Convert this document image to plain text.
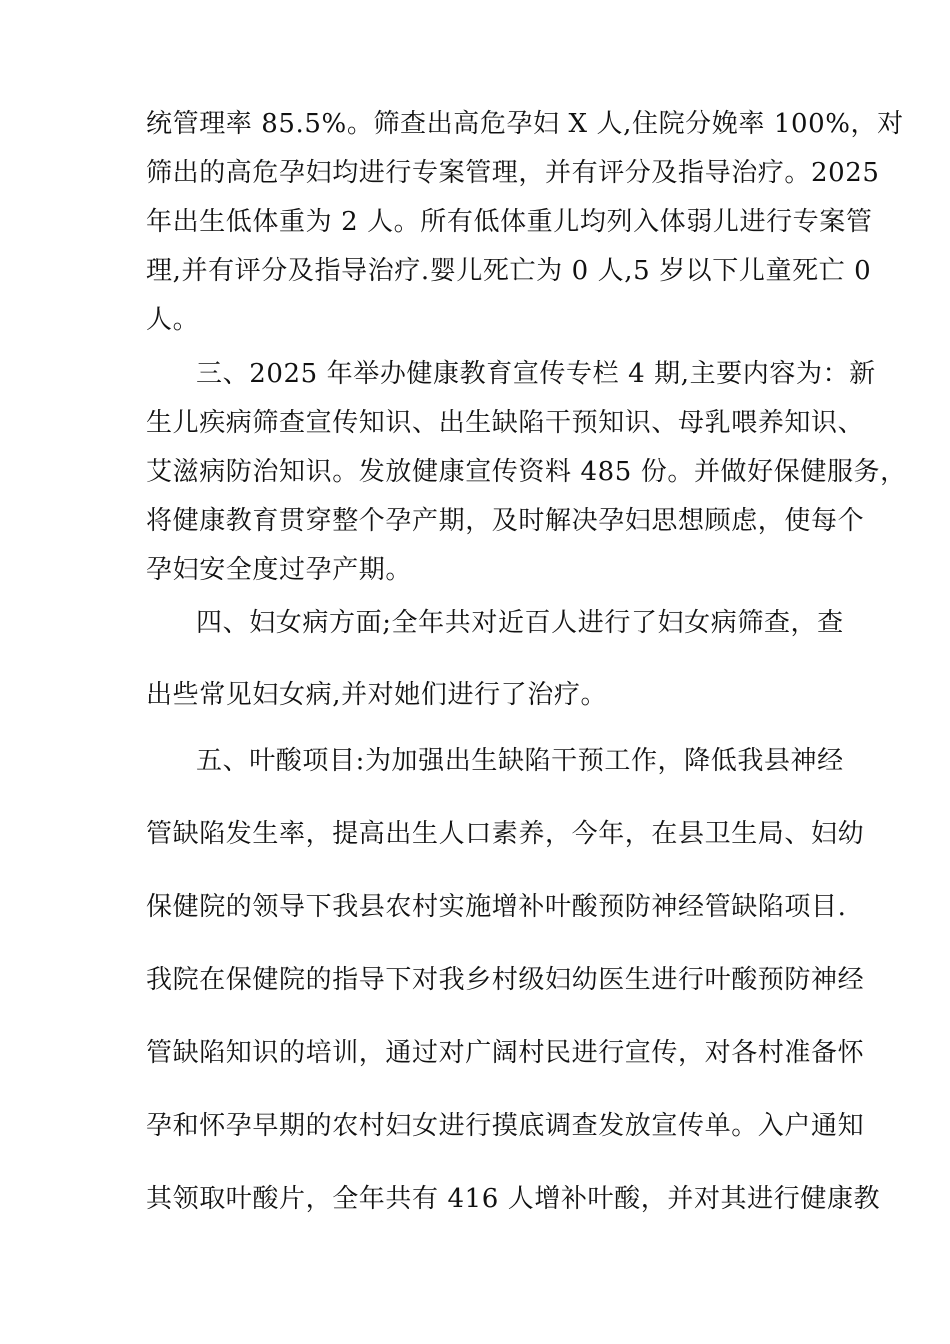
统管理率 85.5%。筛查出高危孕妇 X 人,住院分娩率 100%，对
筛出的高危孕妇均进行专案管理，并有评分及指导治疗。2025
年出生低体重为 2 人。所有低体重儿均列入体弱儿进行专案管
理,并有评分及指导治疗.婴儿死亡为 0 人,5 岁以下儿童死亡 0
人。
三、2025 年举办健康教育宣传专栏 4 期,主要内容为：新
生儿疾病筛查宣传知识、出生缺陷干预知识、母乳喂养知识、
艾滋病防治知识。发放健康宣传资料 485 份。并做好保健服务，
将健康教育贯穿整个孕产期，及时解决孕妇思想顾虑，使每个
孕妇安全度过孕产期。
四、妇女病方面;全年共对近百人进行了妇女病筛查，查
出些常见妇女病,并对她们进行了治疗。
五、叶酸项目:为加强出生缺陷干预工作，降低我县神经
管缺陷发生率，提高出生人口素养，今年，在县卫生局、妇幼
保健院的领导下我县农村实施增补叶酸预防神经管缺陷项目.
我院在保健院的指导下对我乡村级妇幼医生进行叶酸预防神经
管缺陷知识的培训，通过对广阔村民进行宣传，对各村准备怀
孕和怀孕早期的农村妇女进行摸底调查发放宣传单。入户通知
其领取叶酸片，全年共有 416 人增补叶酸，并对其进行健康教
